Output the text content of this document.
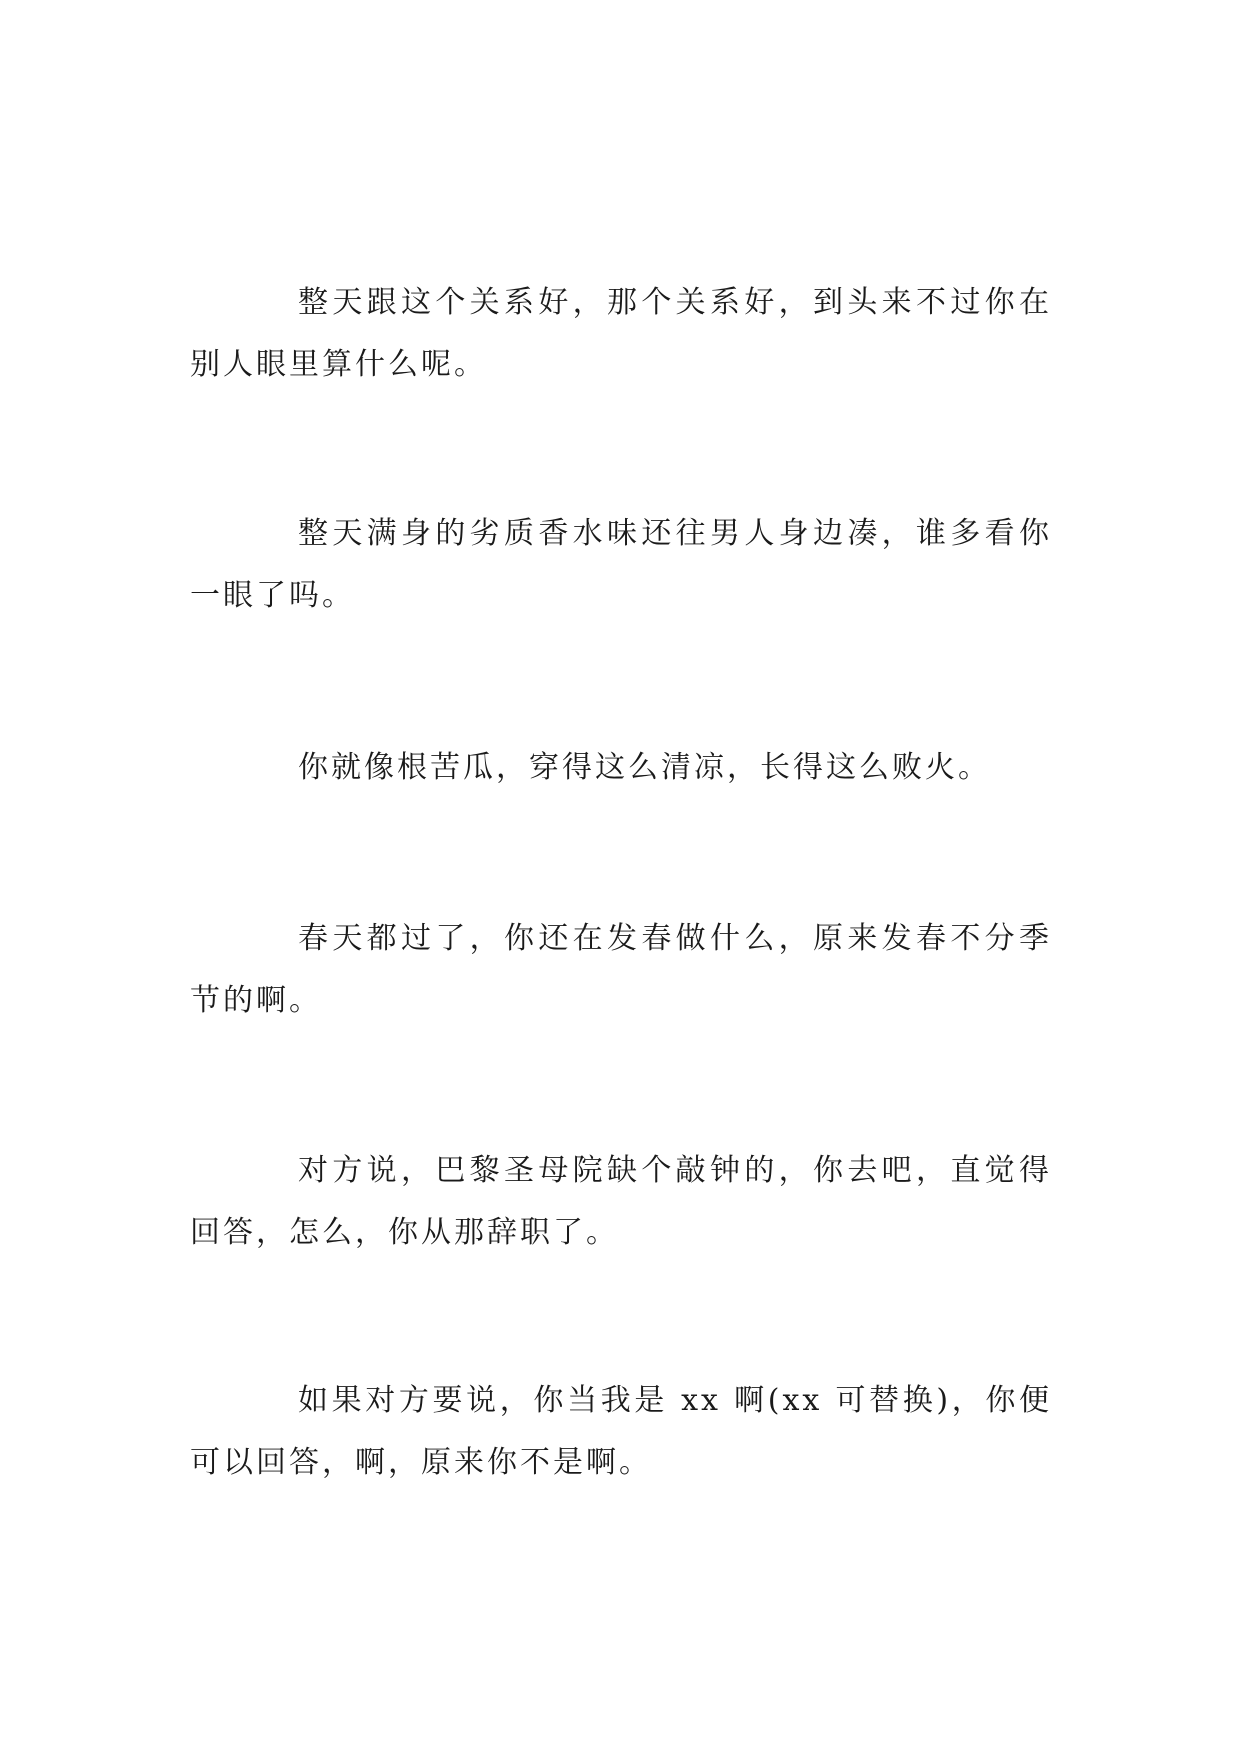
整天跟这个关系好，那个关系好，到头来不过你在别人眼里算什么呢。

整天满身的劣质香水味还往男人身边凑，谁多看你一眼了吗。

你就像根苦瓜，穿得这么清凉，长得这么败火。

春天都过了，你还在发春做什么，原来发春不分季节的啊。

对方说，巴黎圣母院缺个敲钟的，你去吧，直觉得回答，怎么，你从那辞职了。

如果对方要说，你当我是 xx 啊(xx 可替换)，你便可以回答，啊，原来你不是啊。
